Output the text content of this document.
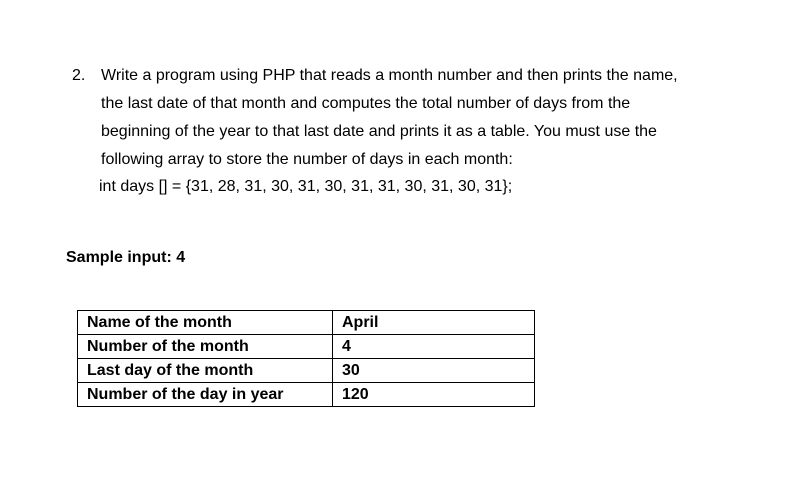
2. Write a program using PHP that reads a month number and then prints the name,
the last date of that month and computes the total number of days from the
beginning of the year to that last date and prints it as a table. You must use the
following array to store the number of days in each month:
int days [] = {31, 28, 31, 30, 31, 30, 31, 31, 30, 31, 30, 31};
Sample input: 4
Name of the month	April
Number of the month	4
Last day of the month	30
Number of the day in year	120
